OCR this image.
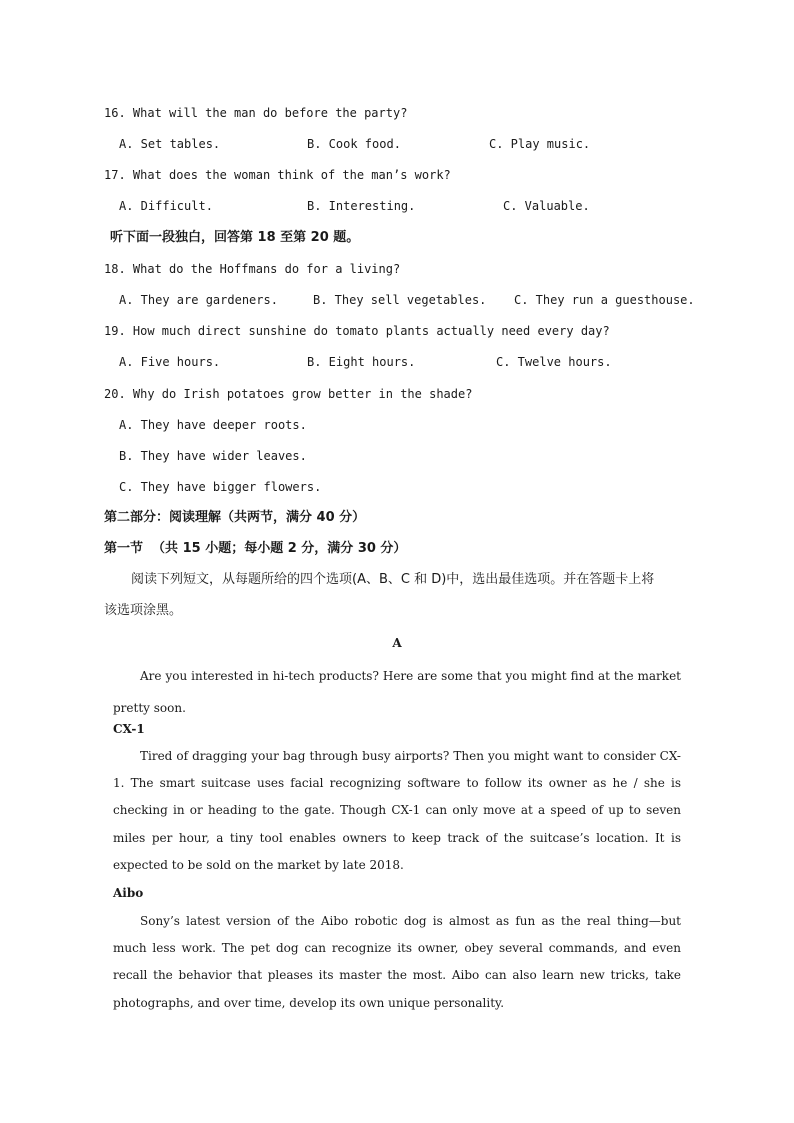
16. What will the man do before the party?
A. Set tables.	B. Cook food.	C. Play music.
17. What does the woman think of the man’s work?
A. Difficult.	B. Interesting.	C. Valuable.
听下面一段独白，回答第 18 至第 20 题。
18. What do the Hoffmans do for a living?
A. They are gardeners.	B. They sell vegetables. C. They run a guesthouse.
19. How much direct sunshine do tomato plants actually need every day?
A. Five hours.	B. Eight hours.	C. Twelve hours.
20. Why do Irish potatoes grow better in the shade?
A. They have deeper roots.
B. They have wider leaves.
C. They have bigger flowers.
第二部分：阅读理解（共两节，满分 40 分）
第一节  （共 15 小题；每小题 2 分，满分 30 分）
阅读下列短文，从每题所给的四个选项(A、B、C 和 D)中，选出最佳选项。并在答题卡上将
该选项涂黑。
A
Are you interested in hi-tech products? Here are some that you might find at the market pretty soon.
CX-1
Tired of dragging your bag through busy airports? Then you might want to consider CX-1. The smart suitcase uses facial recognizing software to follow its owner as he / she is checking in or heading to the gate. Though CX-1 can only move at a speed of up to seven miles per hour, a tiny tool enables owners to keep track of the suitcase’s location. It is expected to be sold on the market by late 2018.
Aibo
Sony’s latest version of the Aibo robotic dog is almost as fun as the real thing—but much less work. The pet dog can recognize its owner, obey several commands, and even recall the behavior that pleases its master the most. Aibo can also learn new tricks, take photographs, and over time, develop its own unique personality.
